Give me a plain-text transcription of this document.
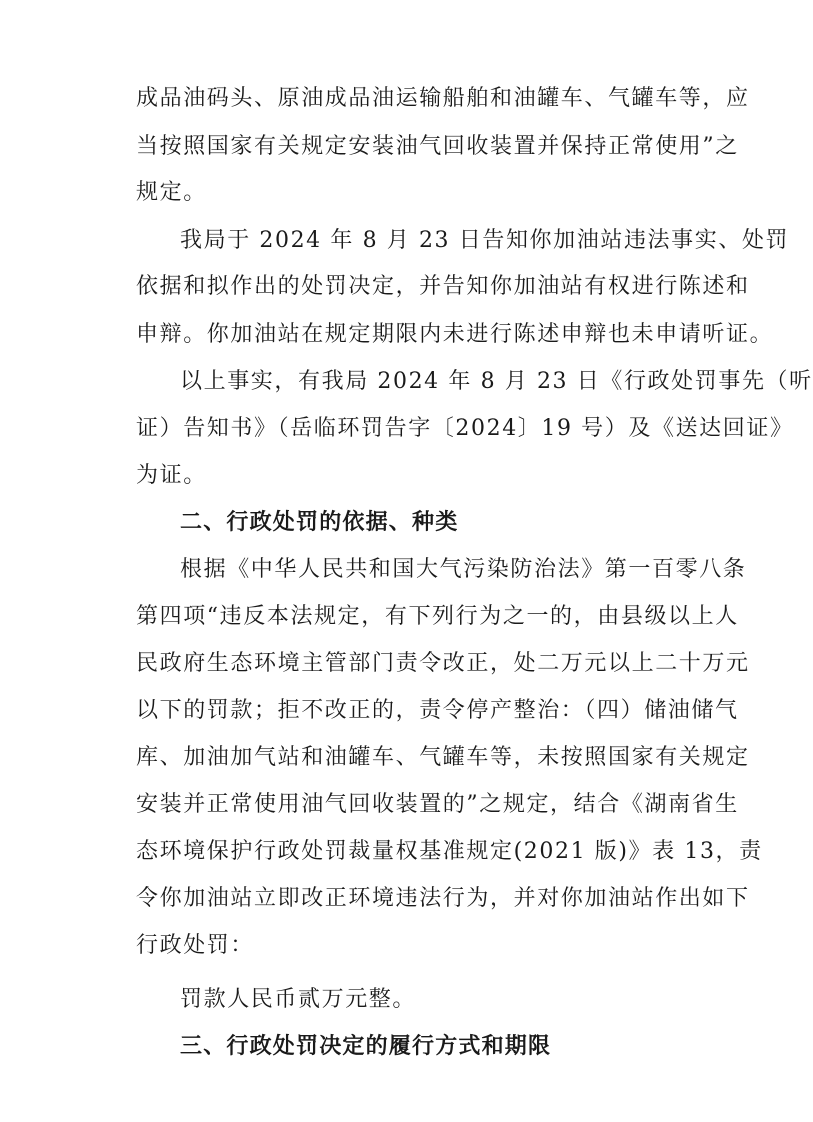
成品油码头、原油成品油运输船舶和油罐车、气罐车等，应
当按照国家有关规定安装油气回收装置并保持正常使用”之
规定。
我局于 2024 年 8 月 23 日告知你加油站违法事实、处罚
依据和拟作出的处罚决定，并告知你加油站有权进行陈述和
申辩。你加油站在规定期限内未进行陈述申辩也未申请听证。
以上事实，有我局 2024 年 8 月 23 日《行政处罚事先（听
证）告知书》（岳临环罚告字〔2024〕19 号）及《送达回证》
为证。
二、行政处罚的依据、种类
根据《中华人民共和国大气污染防治法》第一百零八条
第四项“违反本法规定，有下列行为之一的，由县级以上人
民政府生态环境主管部门责令改正，处二万元以上二十万元
以下的罚款；拒不改正的，责令停产整治：（四）储油储气
库、加油加气站和油罐车、气罐车等，未按照国家有关规定
安装并正常使用油气回收装置的”之规定，结合《湖南省生
态环境保护行政处罚裁量权基准规定(2021 版)》表 13，责
令你加油站立即改正环境违法行为，并对你加油站作出如下
行政处罚：
罚款人民币贰万元整。
三、行政处罚决定的履行方式和期限
